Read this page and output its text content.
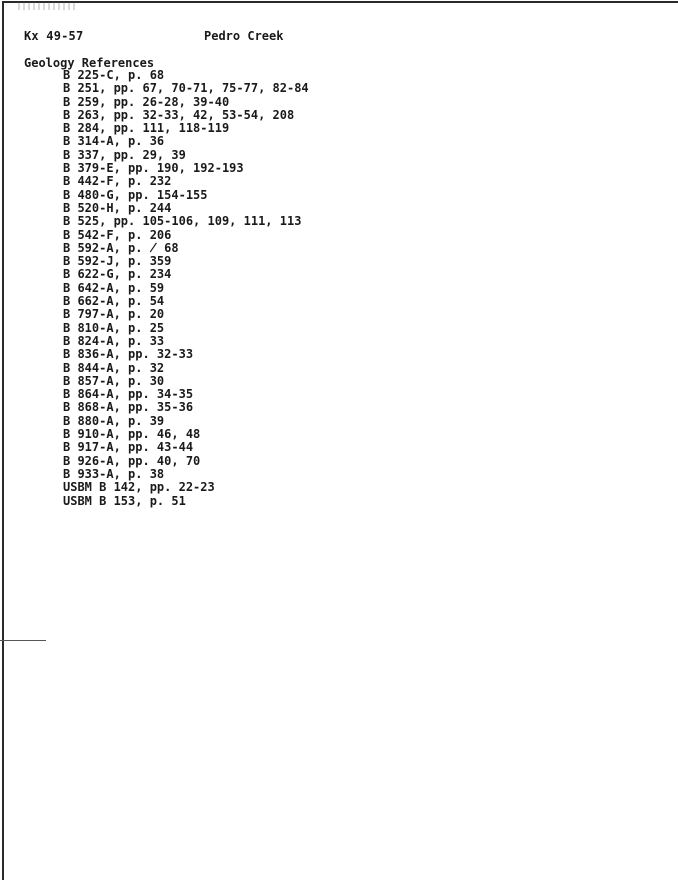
Kx 49-57	Pedro Creek
Geology References
B 225-C, p. 68
B 251, pp. 67, 70-71, 75-77, 82-84
B 259, pp. 26-28, 39-40
B 263, pp. 32-33, 42, 53-54, 208
B 284, pp. 111, 118-119
B 314-A, p. 36
B 337, pp. 29, 39
B 379-E, pp. 190, 192-193
B 442-F, p. 232
B 480-G, pp. 154-155
B 520-H, p. 244
B 525, pp. 105-106, 109, 111, 113
B 542-F, p. 206
B 592-A, p. ̸ 68
B 592-J, p. 359
B 622-G, p. 234
B 642-A, p. 59
B 662-A, p. 54
B 797-A, p. 20
B 810-A, p. 25
B 824-A, p. 33
B 836-A, pp. 32-33
B 844-A, p. 32
B 857-A, p. 30
B 864-A, pp. 34-35
B 868-A, pp. 35-36
B 880-A, p. 39
B 910-A, pp. 46, 48
B 917-A, pp. 43-44
B 926-A, pp. 40, 70
B 933-A, p. 38
USBM B 142, pp. 22-23
USBM B 153, p. 51
